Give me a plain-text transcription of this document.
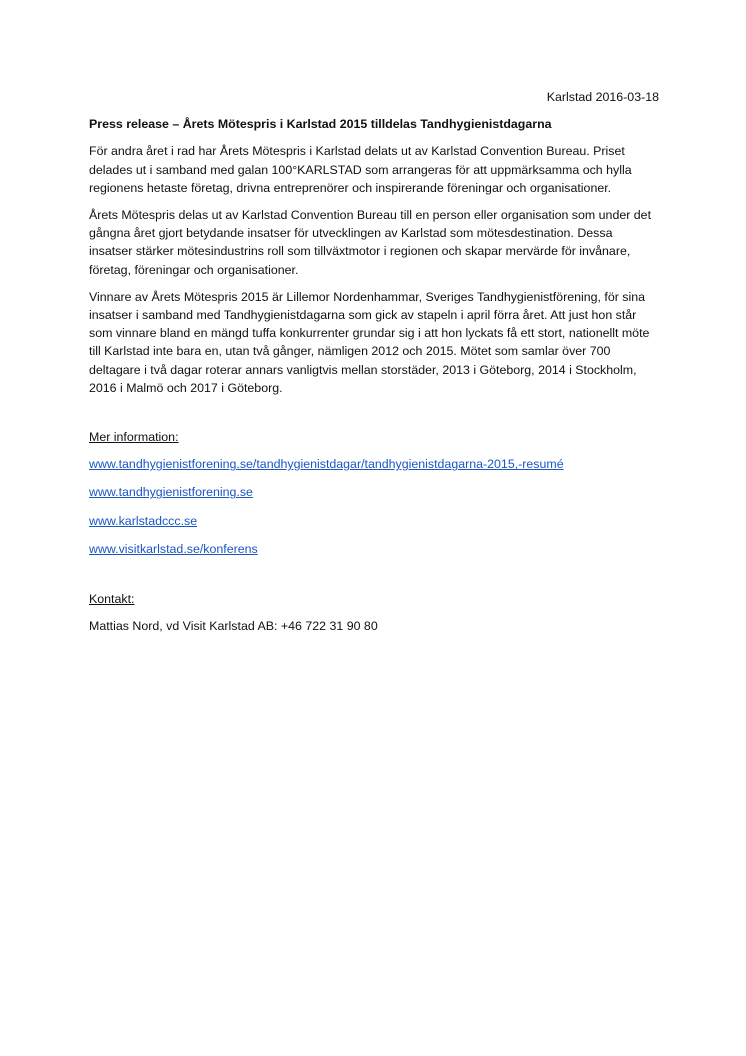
Karlstad 2016-03-18
Press release – Årets Mötespris i Karlstad 2015 tilldelas Tandhygienistdagarna

För andra året i rad har Årets Mötespris i Karlstad delats ut av Karlstad Convention Bureau. Priset delades ut i samband med galan 100°KARLSTAD som arrangeras för att uppmärksamma och hylla regionens hetaste företag, drivna entreprenörer och inspirerande föreningar och organisationer.

Årets Mötespris delas ut av Karlstad Convention Bureau till en person eller organisation som under det gångna året gjort betydande insatser för utvecklingen av Karlstad som mötesdestination. Dessa insatser stärker mötesindustrins roll som tillväxtmotor i regionen och skapar mervärde för invånare, företag, föreningar och organisationer.

Vinnare av Årets Mötespris 2015 är Lillemor Nordenhammar, Sveriges Tandhygienistförening, för sina insatser i samband med Tandhygienistdagarna som gick av stapeln i april förra året. Att just hon står som vinnare bland en mängd tuffa konkurrenter grundar sig i att hon lyckats få ett stort, nationellt möte till Karlstad inte bara en, utan två gånger, nämligen 2012 och 2015. Mötet som samlar över 700 deltagare i två dagar roterar annars vanligtvis mellan storstäder, 2013 i Göteborg, 2014 i Stockholm, 2016 i Malmö och 2017 i Göteborg.

Mer information:
www.tandhygienistforening.se/tandhygienistdagar/tandhygienistdagarna-2015,-resumé
www.tandhygienistforening.se
www.karlstadccc.se
www.visitkarlstad.se/konferens
Kontakt:
Mattias Nord, vd Visit Karlstad AB: +46 722 31 90 80
